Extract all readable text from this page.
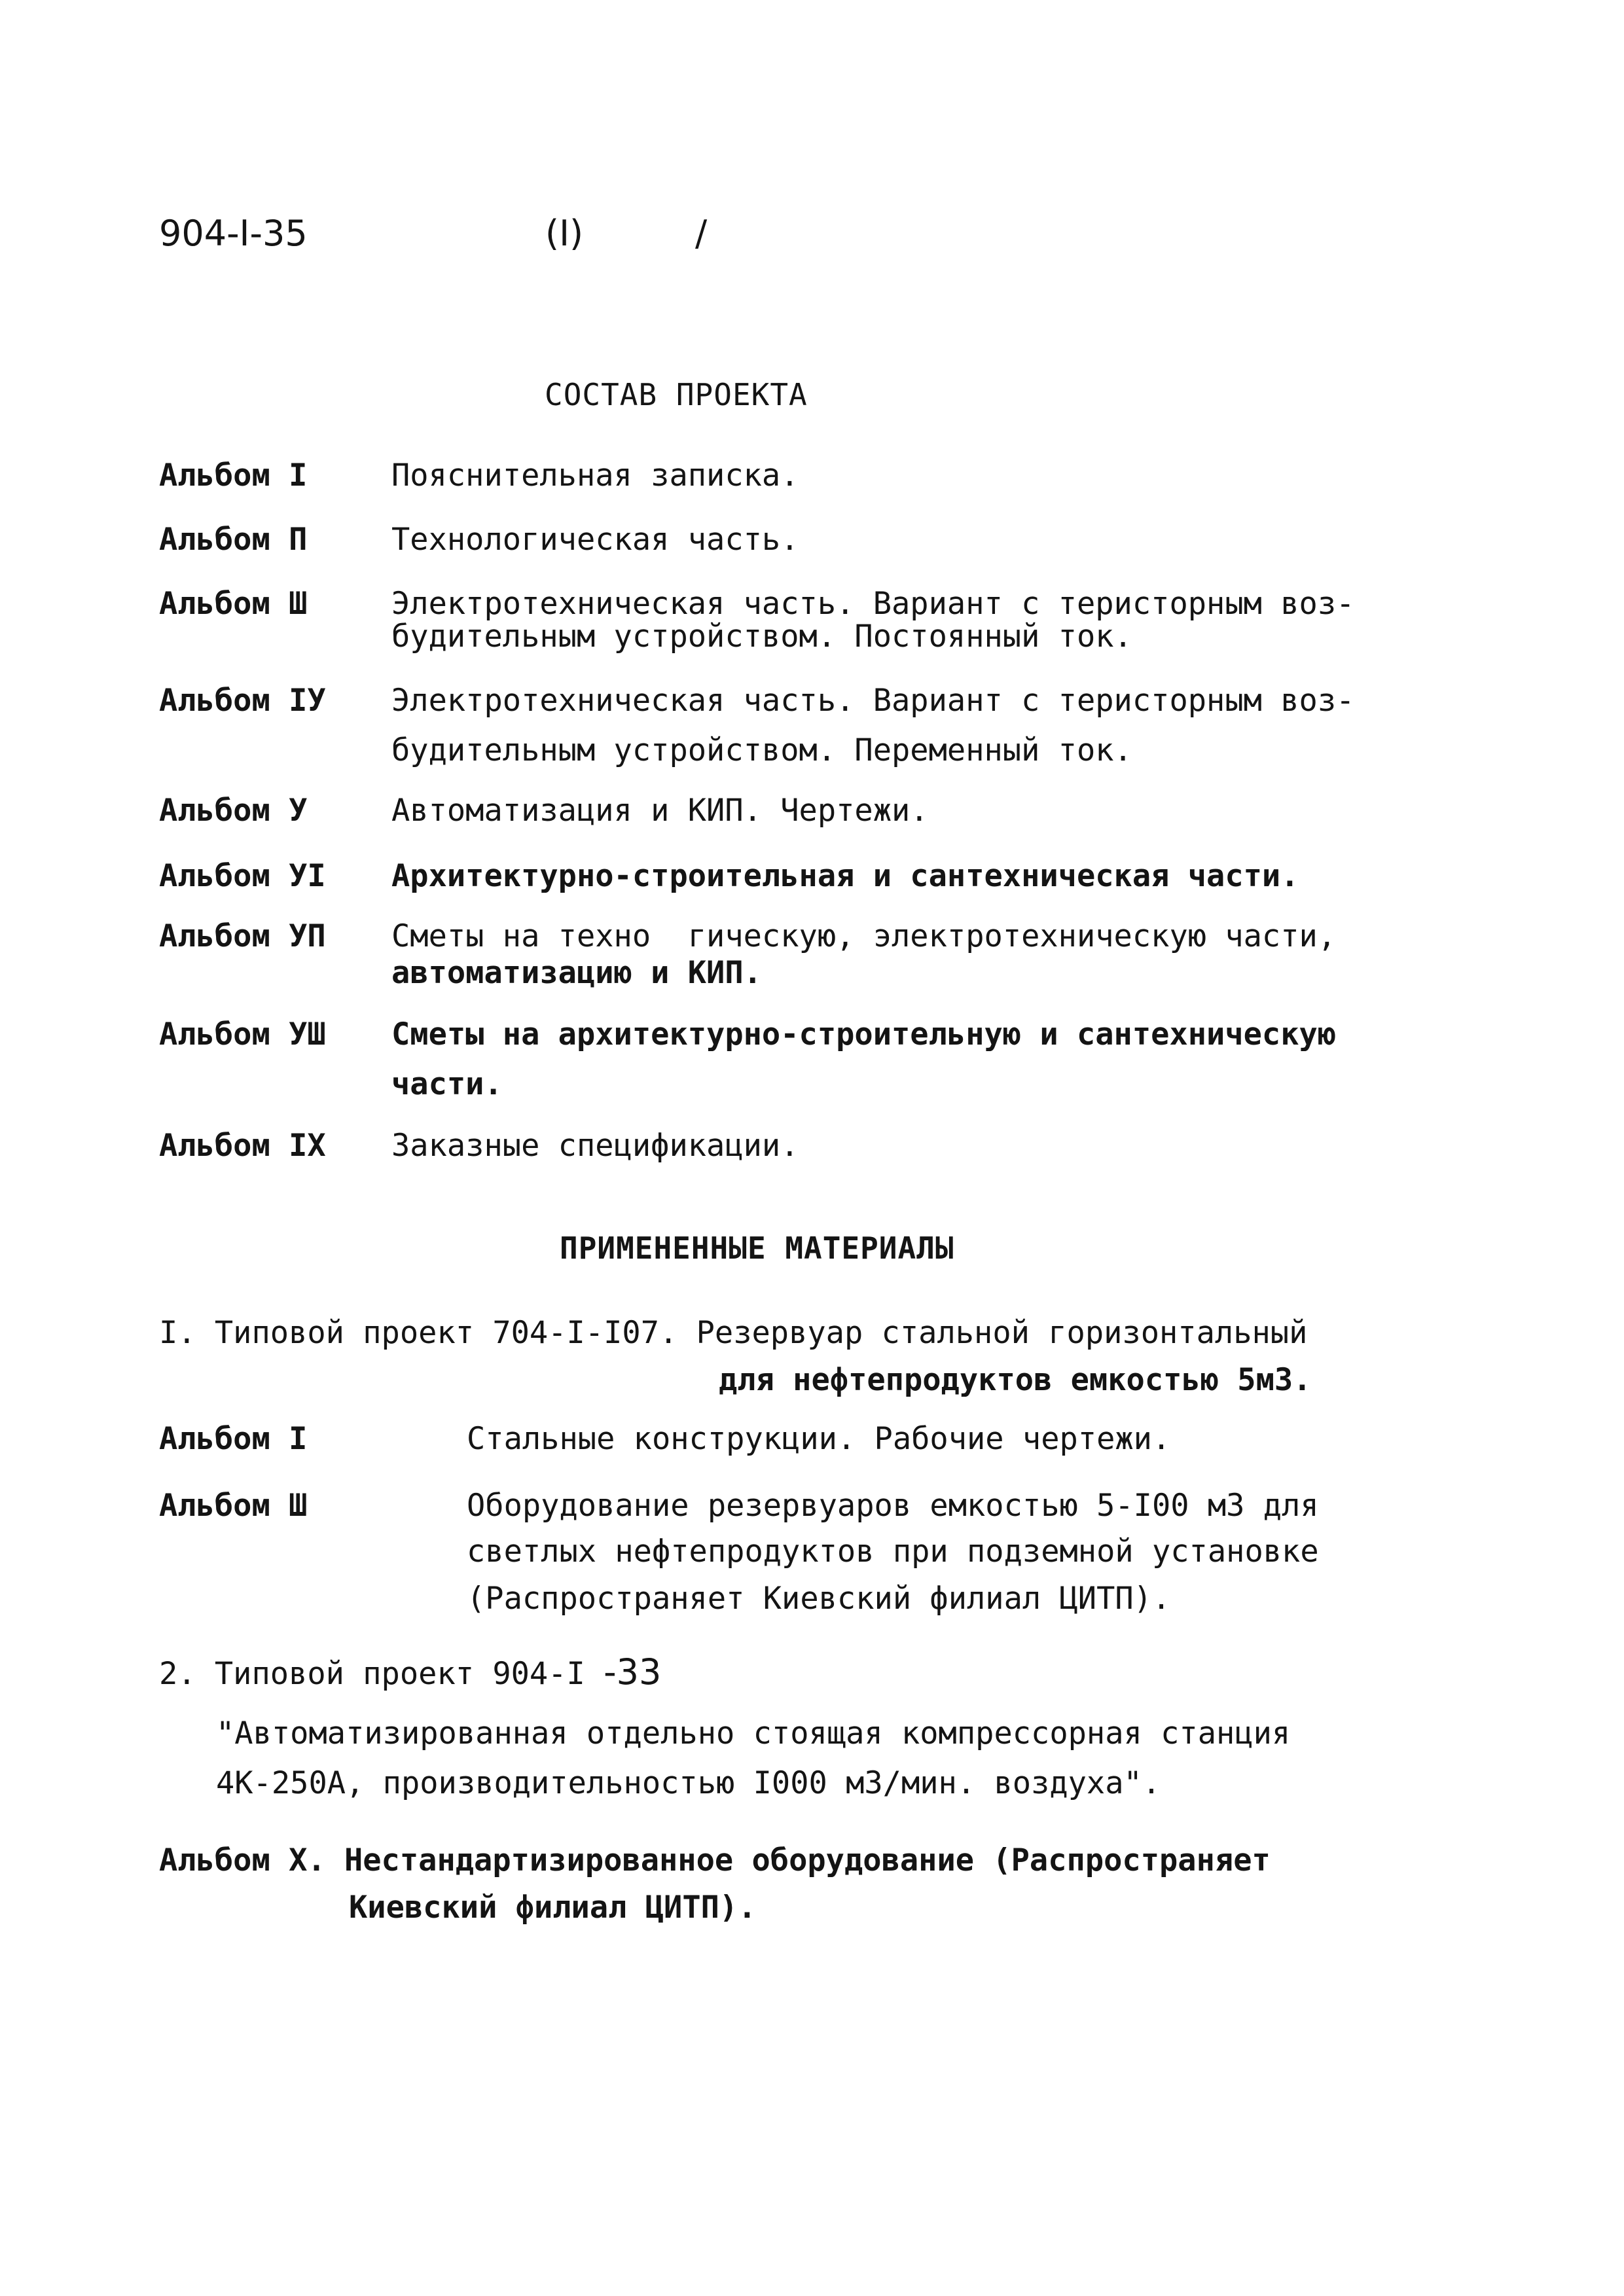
904-I-35	(I)	/
СОСТАВ ПРОЕКТА
Альбом I	Пояснительная записка.
Альбом П	Технологическая часть.
Альбом Ш	Электротехническая часть. Вариант с теристорным воз-
будительным устройством. Постоянный ток.
Альбом IУ Электротехническая часть. Вариант с теристорным воз-
будительным устройством. Переменный ток.
Альбом У	Автоматизация и КИП. Чертежи.
Альбом УI Архитектурно-строительная и сантехническая части.
Альбом УП Сметы на техно  гическую, электротехническую части,
автоматизацию и КИП.
Альбом УШ Сметы на архитектурно-строительную и сантехническую
части.
Альбом IX Заказные спецификации.
ПРИМЕНЕННЫЕ МАТЕРИАЛЫ
I. Типовой проект 704-I-I07. Резервуар стальной горизонтальный
для нефтепродуктов емкостью 5м3.
Альбом I	Стальные конструкции. Рабочие чертежи.
Альбом Ш	Оборудование резервуаров емкостью 5-I00 м3 для
светлых нефтепродуктов при подземной установке
(Распространяет Киевский филиал ЦИТП).
2. Типовой проект 904-I -33
"Автоматизированная отдельно стоящая компрессорная станция
4К-250А, производительностью I000 м3/мин. воздуха".
Альбом X. Нестандартизированное оборудование (Распространяет
Киевский филиал ЦИТП).
